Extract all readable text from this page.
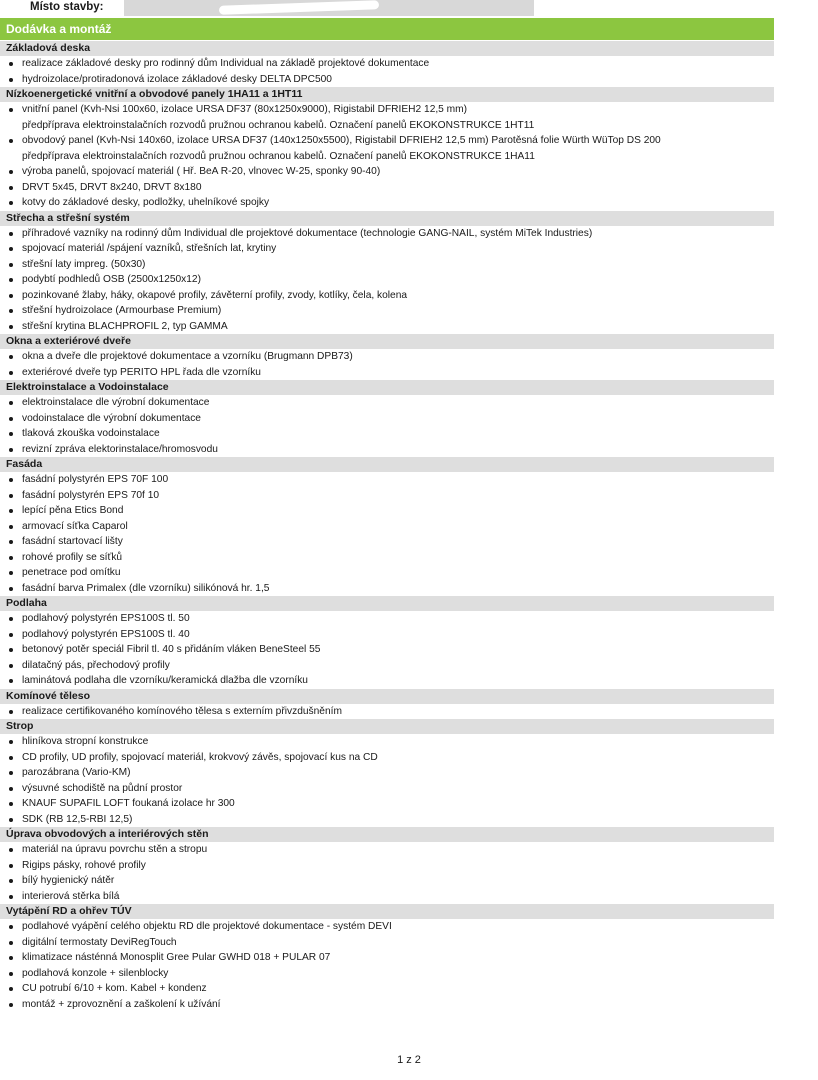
Místo stavby:
Dodávka a montáž
Základová deska
realizace základové desky pro rodinný dům Individual na základě projektové dokumentace
hydroizolace/protiradonová izolace základové desky DELTA DPC500
Nízkoenergetické vnitřní a obvodové panely 1HA11 a 1HT11
vnitřní panel (Kvh-Nsi 100x60, izolace URSA DF37 (80x1250x9000), Rigistabil DFRIEH2 12,5 mm)
předpříprava elektroinstalačních rozvodů pružnou ochranou kabelů. Označení panelů EKOKONSTRUKCE 1HT11
obvodový panel (Kvh-Nsi 140x60, izolace URSA DF37 (140x1250x5500), Rigistabil DFRIEH2 12,5 mm) Parotěsná folie Würth WüTop DS 200
předpříprava elektroinstalačních rozvodů pružnou ochranou kabelů. Označení panelů EKOKONSTRUKCE 1HA11
výroba panelů, spojovací materiál ( Hř. BeA R-20, vlnovec W-25, sponky 90-40)
DRVT 5x45, DRVT 8x240, DRVT 8x180
kotvy do základové desky, podložky, uhelníkové spojky
Střecha a střešní systém
příhradové vazníky na rodinný dům Individual dle projektové dokumentace (technologie GANG-NAIL, systém MiTek Industries)
spojovací materiál /spájení vazníků, střešních lat, krytiny
střešní laty impreg. (50x30)
podybtí podhledů OSB (2500x1250x12)
pozinkované žlaby, háky, okapové profily, závěterní profily, zvody, kotlíky, čela, kolena
střešní hydroizolace (Armourbase Premium)
střešní krytina BLACHPROFIL 2, typ GAMMA
Okna a exteriérové dveře
okna a dveře dle projektové dokumentace a vzorníku (Brugmann DPB73)
exteriérové dveře typ PERITO HPL řada dle vzorníku
Elektroinstalace a Vodoinstalace
elektroinstalace dle výrobní dokumentace
vodoinstalace dle výrobní dokumentace
tlaková zkouška vodoinstalace
revizní zpráva elektorinstalace/hromosvodu
Fasáda
fasádní polystyrén EPS 70F 100
fasádní polystyrén EPS 70f 10
lepící pěna Etics Bond
armovací síťka Caparol
fasádní startovací lišty
rohové profily se síťků
penetrace pod omítku
fasádní barva Primalex (dle vzorníku) silikónová hr. 1,5
Podlaha
podlahový polystyrén EPS100S tl. 50
podlahový polystyrén EPS100S tl. 40
betonový potěr speciál Fibril tl. 40 s přidáním vláken BeneSteel 55
dilatačný pás, přechodový profily
laminátová podlaha dle vzorníku/keramická dlažba dle vzorníku
Komínové těleso
realizace certifikovaného komínového tělesa s externím přivzdušněním
Strop
hliníkova stropní konstrukce
CD profily, UD profily, spojovací materiál, krokvový závěs, spojovací kus na CD
parozábrana (Vario-KM)
výsuvné schodiště na půdní prostor
KNAUF SUPAFIL LOFT foukaná izolace hr 300
SDK (RB 12,5-RBI 12,5)
Úprava obvodových a interiérových stěn
materiál na úpravu povrchu stěn a stropu
Rigips pásky, rohové profily
bílý hygienický nátěr
interierová stěrka bílá
Vytápění RD a ohřev TÚV
podlahové vyápění celého objektu RD dle projektové dokumentace - systém DEVI
digitální termostaty DeviRegTouch
klimatizace násténná Monosplit Gree Pular GWHD 018 + PULAR 07
podlahová konzole + silenblocky
CU potrubí 6/10 + kom. Kabel + kondenz
montáž + zprovoznění a zaškolení k užívání
1 z 2
